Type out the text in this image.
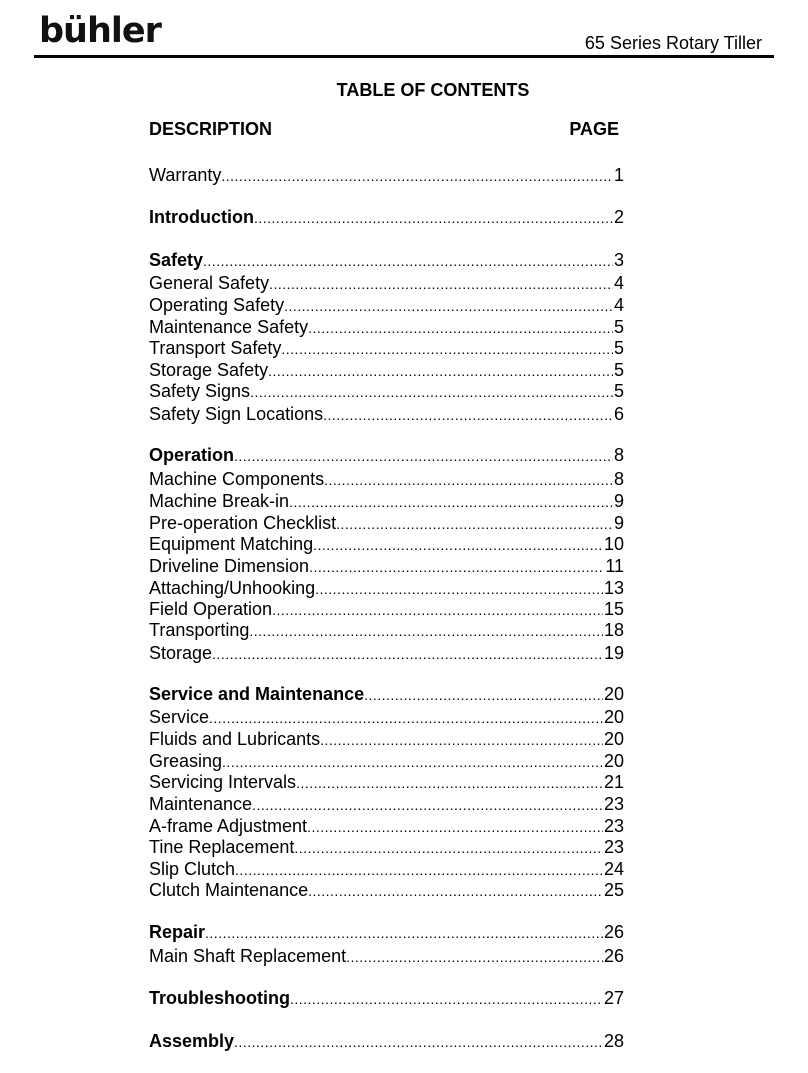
bühler	65 Series Rotary Tiller
TABLE OF CONTENTS
DESCRIPTION	PAGE
Warranty .....	1
Introduction .....	2
Safety .....	3
General Safety .....	4
Operating Safety .....	4
Maintenance Safety .....	5
Transport Safety .....	5
Storage Safety .....	5
Safety Signs .....	5
Safety Sign Locations .....	6
Operation .....	8
Machine Components .....	8
Machine Break-in .....	9
Pre-operation Checklist .....	9
Equipment Matching .....	10
Driveline Dimension .....	11
Attaching/Unhooking .....	13
Field Operation .....	15
Transporting .....	18
Storage .....	19
Service and Maintenance .....	20
Service .....	20
Fluids and Lubricants .....	20
Greasing .....	20
Servicing Intervals .....	21
Maintenance .....	23
A-frame Adjustment .....	23
Tine Replacement .....	23
Slip Clutch .....	24
Clutch Maintenance .....	25
Repair .....	26
Main Shaft Replacement .....	26
Troubleshooting .....	27
Assembly .....	28
